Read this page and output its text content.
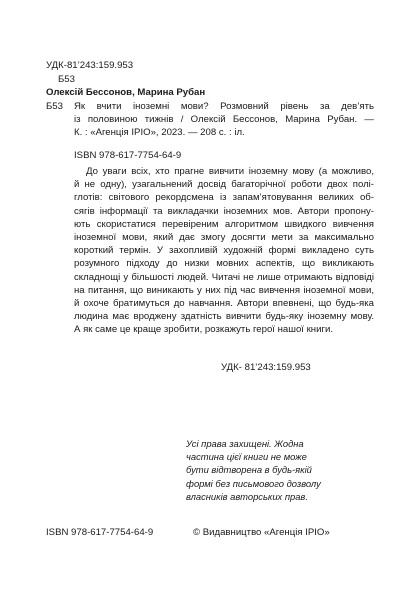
УДК-81’243:159.953

Б53

Олексій Бессонов, Марина Рубан

Б53 Як вчити іноземні мови? Розмовний рівень за дев’ять
із половиною тижнів / Олексій Бессонов, Марина Рубан. —
К. : «Агенція ІРІО», 2023. — 208 с. : іл.

ISBN 978-617-7754-64-9

До уваги всіх, хто прагне вивчити іноземну мову (а можливо,
й не одну), узагальнений досвід багаторічної роботи двох полі-
глотів: світового рекордсмена із запам’ятовування великих об-
сягів інформації та викладачки іноземних мов. Автори пропону-
ють скористатися перевіреним алгоритмом швидкого вивчення
іноземної мови, який дає змогу досягти мети за максимально
короткий термін. У захопливій художній формі викладено суть
розумного підходу до низки мовних аспектів, що викликають
складнощі у більшості людей. Читачі не лише отримають відповіді
на питання, що виникають у них під час вивчення іноземної мови,
й охоче братимуться до навчання. Автори впевнені, що будь-яка
людина має вроджену здатність вивчити будь-яку іноземну мову.
А як саме це краще зробити, розкажуть герої нашої книги.

УДК- 81’243:159.953

Усі права захищені. Жодна
частина цієї книги не може
бути відтворена в будь-якій
формі без письмового дозволу
власників авторських прав.

ISBN 978-617-7754-64-9	© Видавництво «Агенція ІРІО»
